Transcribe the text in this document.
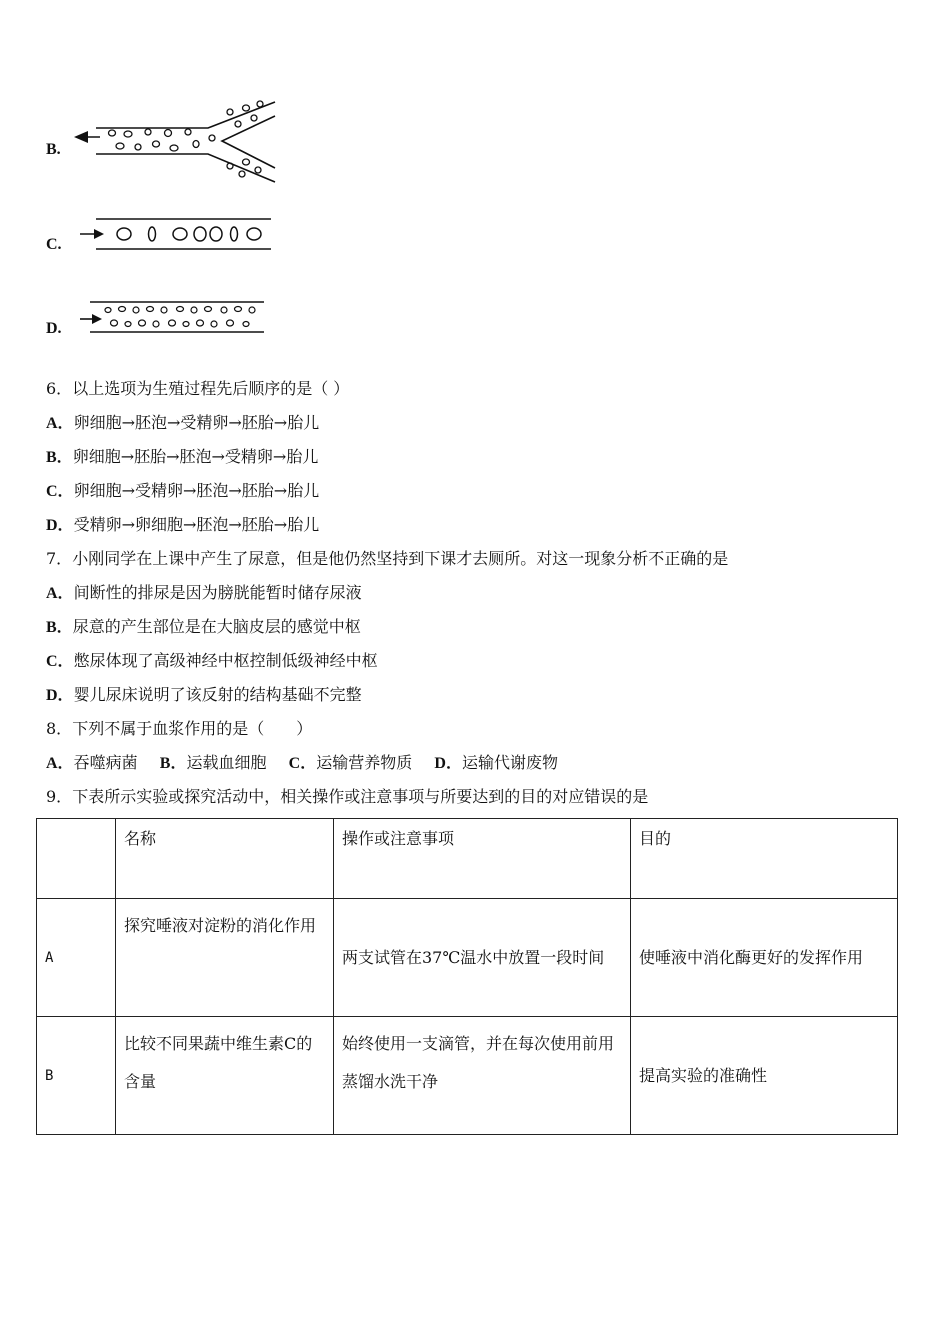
B.
C.
D.
6．以上选项为生殖过程先后顺序的是（ ）
A．卵细胞→胚泡→受精卵→胚胎→胎儿
B．卵细胞→胚胎→胚泡→受精卵→胎儿
C．卵细胞→受精卵→胚泡→胚胎→胎儿
D．受精卵→卵细胞→胚泡→胚胎→胎儿
7．小刚同学在上课中产生了尿意，但是他仍然坚持到下课才去厕所。对这一现象分析不正确的是
A．间断性的排尿是因为膀胱能暂时储存尿液
B．尿意的产生部位是在大脑皮层的感觉中枢
C．憋尿体现了高级神经中枢控制低级神经中枢
D．婴儿尿床说明了该反射的结构基础不完整
8．下列不属于血浆作用的是（　　）
A．吞噬病菌 B．运载血细胞 C．运输营养物质 D．运输代谢废物
9．下表所示实验或探究活动中，相关操作或注意事项与所要达到的目的对应错误的是
	名称	操作或注意事项	目的
A	探究唾液对淀粉的消化作用	两支试管在37℃温水中放置一段时间	使唾液中消化酶更好的发挥作用
B	比较不同果蔬中维生素C的含量	始终使用一支滴管，并在每次使用前用蒸馏水洗干净	提高实验的准确性
